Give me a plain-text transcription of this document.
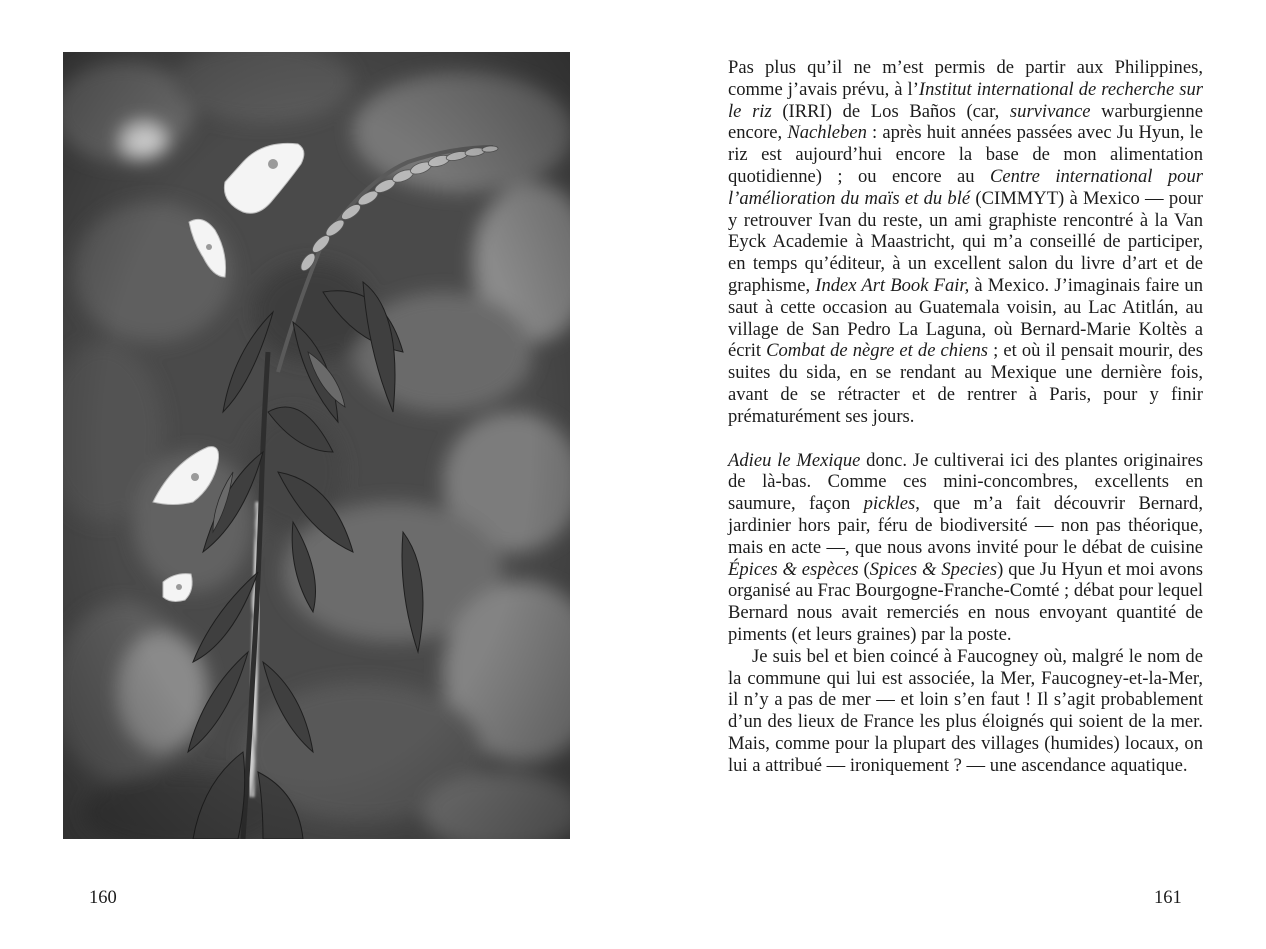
Pas plus qu’il ne m’est permis de partir aux Philippines, comme j’avais prévu, à l’Institut international de recherche sur le riz (IRRI) de Los Baños (car, survivance warburgienne encore, Nachleben : après huit années passées avec Ju Hyun, le riz est aujourd’hui encore la base de mon alimentation quotidienne) ; ou encore au Centre international pour l’amélioration du maïs et du blé (CIMMYT) à Mexico — pour y retrouver Ivan du reste, un ami graphiste rencontré à la Van Eyck Academie à Maastricht, qui m’a conseillé de participer, en temps qu’éditeur, à un excellent salon du livre d’art et de graphisme, Index Art Book Fair, à Mexico. J’imaginais faire un saut à cette occasion au Guatemala voisin, au Lac Atitlán, au village de San Pedro La Laguna, où Bernard-Marie Koltès a écrit Combat de nègre et de chiens ; et où il pensait mourir, des suites du sida, en se rendant au Mexique une dernière fois, avant de se rétracter et de rentrer à Paris, pour y finir prématurément ses jours.

Adieu le Mexique donc. Je cultiverai ici des plantes originaires de là-bas. Comme ces mini-concombres, excellents en saumure, façon pickles, que m’a fait découvrir Bernard, jardinier hors pair, féru de biodiversité — non pas théorique, mais en acte —, que nous avons invité pour le débat de cuisine Épices & espèces (Spices & Species) que Ju Hyun et moi avons organisé au Frac Bourgogne-Franche-Comté ; débat pour lequel Bernard nous avait remerciés en nous envoyant quantité de piments (et leurs graines) par la poste.

Je suis bel et bien coincé à Faucogney où, malgré le nom de la commune qui lui est associée, la Mer, Faucogney-et-la-Mer, il n’y a pas de mer — et loin s’en faut ! Il s’agit probablement d’un des lieux de France les plus éloignés qui soient de la mer. Mais, comme pour la plupart des villages (humides) locaux, on lui a attribué — ironiquement ? — une ascendance aquatique.

160	161
